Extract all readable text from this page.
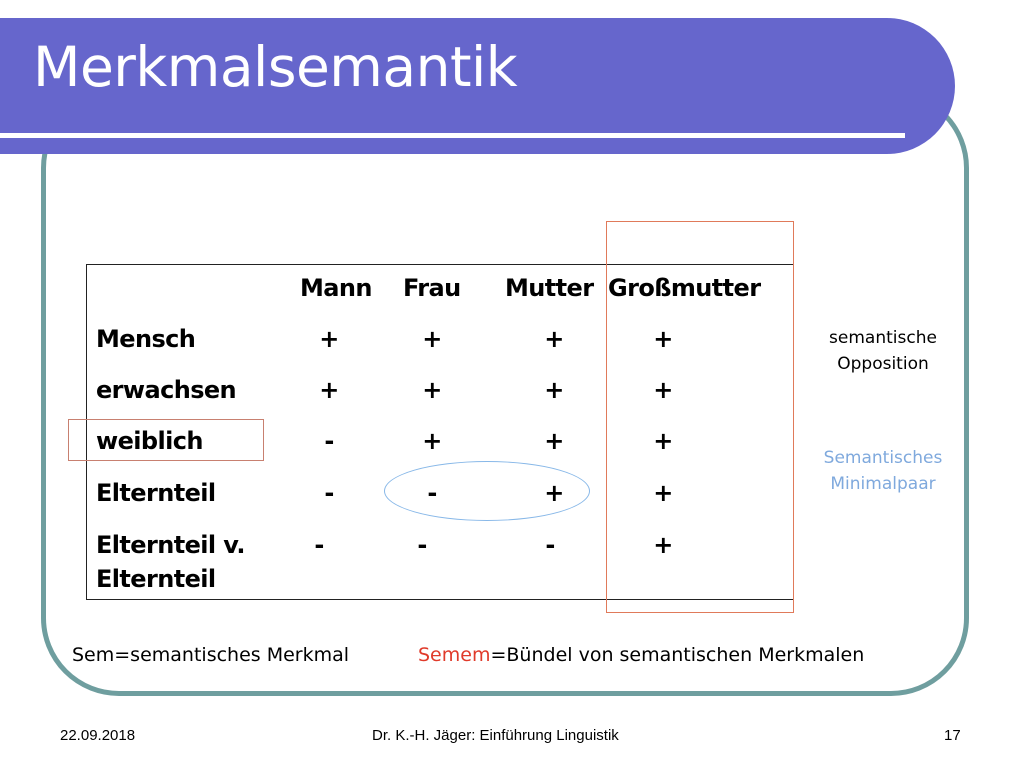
Merkmalsemantik
Mann Frau Mutter Großmutter
Mensch	+	+	+	+
erwachsen	+	+	+	+
weiblich	-	+	+	+
Elternteil	-	-	+	+
Elternteil v.
Elternteil
-	-	-	+
semantische
Opposition
Semantisches
Minimalpaar
Sem=semantisches Merkmal	Semem=Bündel von semantischen Merkmalen
22.09.2018	Dr. K.-H. Jäger: Einführung Linguistik	17
